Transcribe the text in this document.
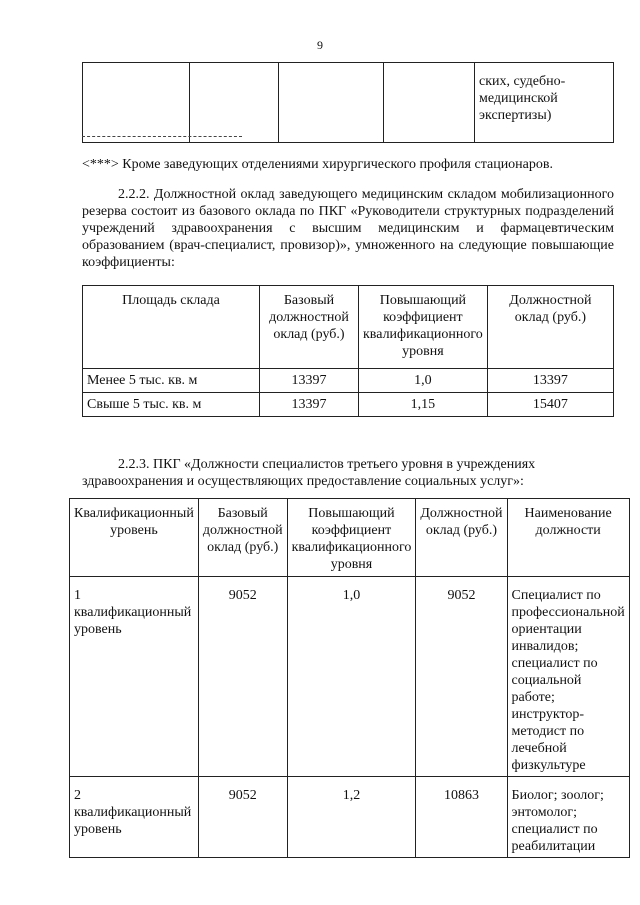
9
				ских, судебно-медицинской экспертизы)
<***> Кроме заведующих отделениями хирургического профиля стационаров.
2.2.2. Должностной оклад заведующего медицинским складом мобилизационного резерва состоит из базового оклада по ПКГ «Руководители структурных подразделений учреждений здравоохранения с высшим медицинским и фармацевтическим образованием (врач-специалист, провизор)», умноженного на следующие повышающие коэффициенты:
Площадь склада	Базовый должностной оклад (руб.)	Повышающий коэффициент квалификационного уровня	Должностной оклад (руб.)
Менее 5 тыс. кв. м	13397	1,0	13397
Свыше 5 тыс. кв. м	13397	1,15	15407
2.2.3. ПКГ «Должности специалистов третьего уровня в учреждениях здравоохранения и осуществляющих предоставление социальных услуг»:
Квалификационный уровень	Базовый должностной оклад (руб.)	Повышающий коэффициент квалификационного уровня	Должностной оклад (руб.)	Наименование должности
1 квалификационный уровень	9052	1,0	9052	Специалист по профессиональной ориентации инвалидов; специалист по социальной работе; инструктор-методист по лечебной физкультуре
2 квалификационный уровень	9052	1,2	10863	Биолог; зоолог; энтомолог; специалист по реабилитации
